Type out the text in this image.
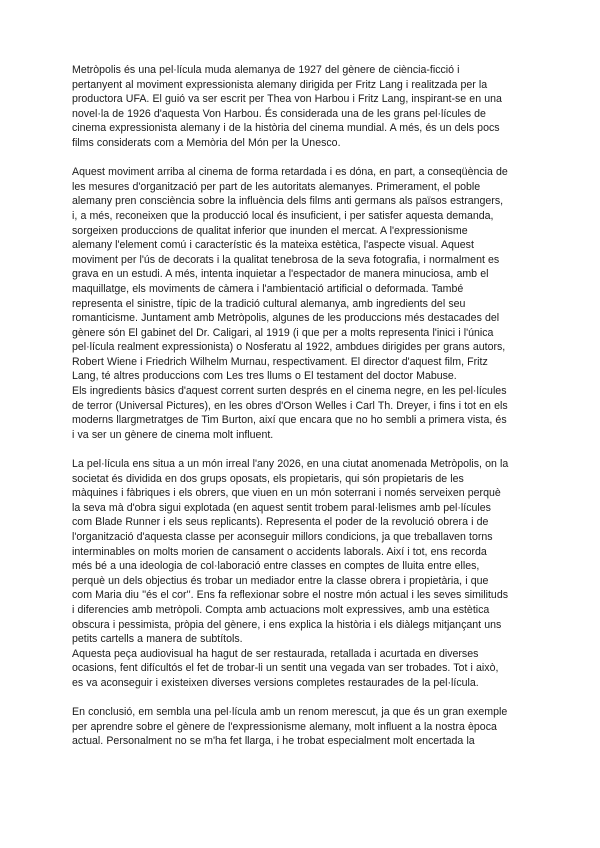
Metròpolis és una pel·lícula muda alemanya de 1927 del gènere de ciència-ficció i
pertanyent al moviment expressionista alemany dirigida per Fritz Lang i realitzada per la
productora UFA. El guió va ser escrit per Thea von Harbou i Fritz Lang, inspirant-se en una
novel·la de 1926 d'aquesta Von Harbou. És considerada una de les grans pel·lícules de
cinema expressionista alemany i de la història del cinema mundial. A més, és un dels pocs
films considerats com a Memòria del Món per la Unesco.

Aquest moviment arriba al cinema de forma retardada i es dóna, en part, a conseqüència de
les mesures d'organització per part de les autoritats alemanyes. Primerament, el poble
alemany pren consciència sobre la influència dels films anti germans als països estrangers,
i, a més, reconeixen que la producció local és insuficient, i per satisfer aquesta demanda,
sorgeixen produccions de qualitat inferior que inunden el mercat. A l'expressionisme
alemany l'element comú i característic és la mateixa estètica, l'aspecte visual. Aquest
moviment per l'ús de decorats i la qualitat tenebrosa de la seva fotografia, i normalment es
grava en un estudi. A més, intenta inquietar a l'espectador de manera minuciosa, amb el
maquillatge, els moviments de càmera i l'ambientació artificial o deformada. També
representa el sinistre, típic de la tradició cultural alemanya, amb ingredients del seu
romanticisme. Juntament amb Metròpolis, algunes de les produccions més destacades del
gènere són El gabinet del Dr. Caligari, al 1919 (i que per a molts representa l'inici i l'única
pel·lícula realment expressionista) o Nosferatu al 1922, ambdues dirigides per grans autors,
Robert Wiene i Friedrich Wilhelm Murnau, respectivament. El director d'aquest film, Fritz
Lang, té altres produccions com Les tres llums o El testament del doctor Mabuse.
Els ingredients bàsics d'aquest corrent surten després en el cinema negre, en les pel·lícules
de terror (Universal Pictures), en les obres d'Orson Welles i Carl Th. Dreyer, i fins i tot en els
moderns llargmetratges de Tim Burton, així que encara que no ho sembli a primera vista, és
i va ser un gènere de cinema molt influent.

La pel·lícula ens situa a un món irreal l'any 2026, en una ciutat anomenada Metròpolis, on la
societat és dividida en dos grups oposats, els propietaris, qui són propietaris de les
màquines i fàbriques i els obrers, que viuen en un món soterrani i només serveixen perquè
la seva mà d'obra sigui explotada (en aquest sentit trobem paral·lelismes amb pel·lícules
com Blade Runner i els seus replicants). Representa el poder de la revolució obrera i de
l'organització d'aquesta classe per aconseguir millors condicions, ja que treballaven torns
interminables on molts morien de cansament o accidents laborals. Així i tot, ens recorda
més bé a una ideologia de col·laboració entre classes en comptes de lluita entre elles,
perquè un dels objectius és trobar un mediador entre la classe obrera i propietària, i que
com Maria diu ''és el cor''. Ens fa reflexionar sobre el nostre món actual i les seves similituds
i diferencies amb metròpoli. Compta amb actuacions molt expressives, amb una estètica
obscura i pessimista, pròpia del gènere, i ens explica la història i els diàlegs mitjançant uns
petits cartells a manera de subtítols.
Aquesta peça audiovisual ha hagut de ser restaurada, retallada i acurtada en diverses
ocasions, fent difícultós el fet de trobar-li un sentit una vegada van ser trobades. Tot i això,
es va aconseguir i existeixen diverses versions completes restaurades de la pel·lícula.

En conclusió, em sembla una pel·lícula amb un renom merescut, ja que és un gran exemple
per aprendre sobre el gènere de l'expressionisme alemany, molt influent a la nostra època
actual. Personalment no se m'ha fet llarga, i he trobat especialment molt encertada la
